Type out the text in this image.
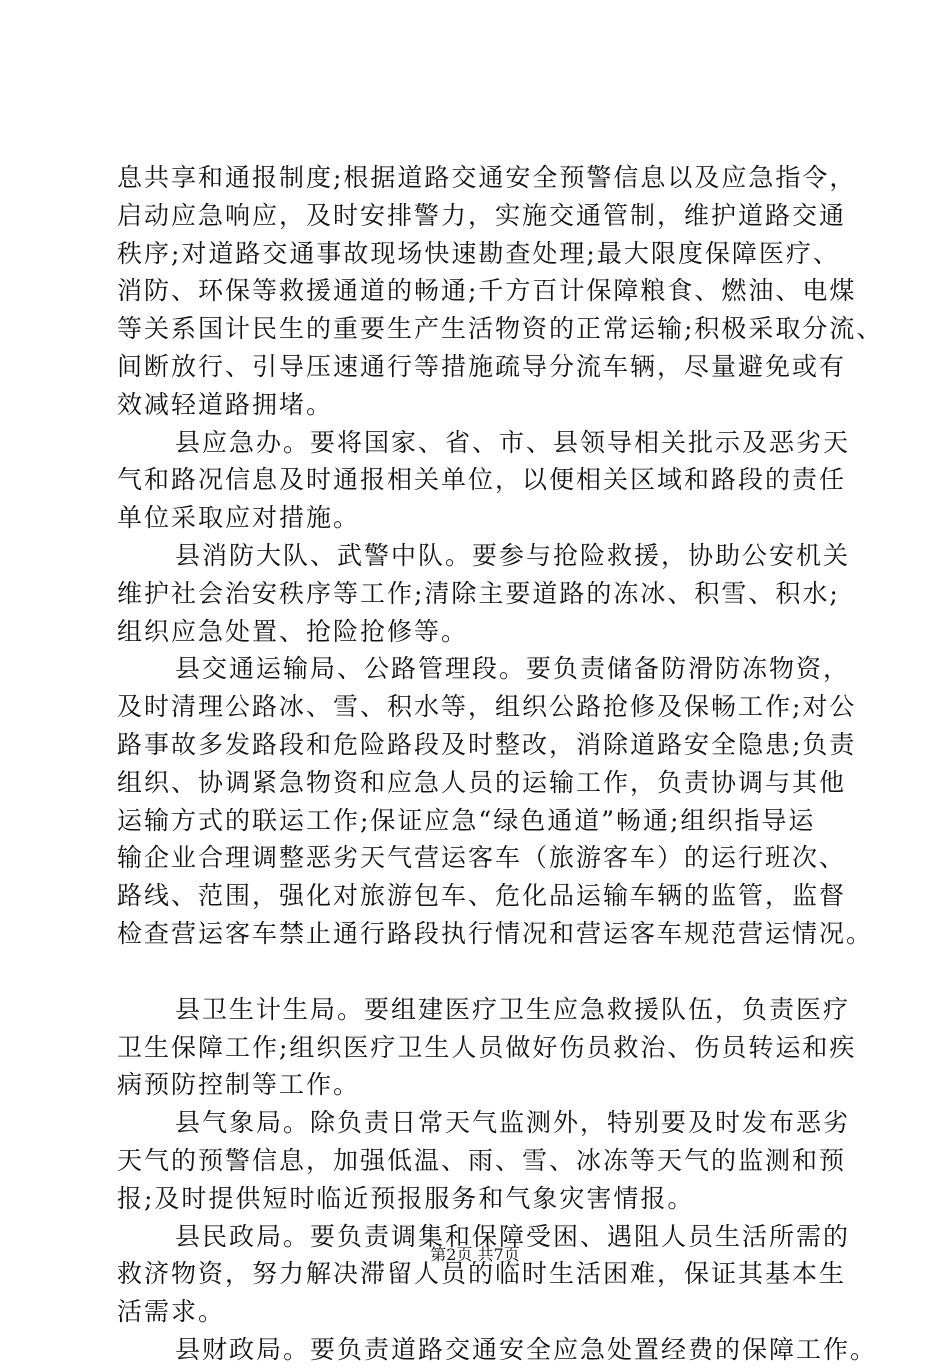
息共享和通报制度;根据道路交通安全预警信息以及应急指令，
启动应急响应，及时安排警力，实施交通管制，维护道路交通
秩序;对道路交通事故现场快速勘查处理;最大限度保障医疗、
消防、环保等救援通道的畅通;千方百计保障粮食、燃油、电煤
等关系国计民生的重要生产生活物资的正常运输;积极采取分流、
间断放行、引导压速通行等措施疏导分流车辆，尽量避免或有
效减轻道路拥堵。
县应急办。要将国家、省、市、县领导相关批示及恶劣天
气和路况信息及时通报相关单位，以便相关区域和路段的责任
单位采取应对措施。
县消防大队、武警中队。要参与抢险救援，协助公安机关
维护社会治安秩序等工作;清除主要道路的冻冰、积雪、积水;
组织应急处置、抢险抢修等。
县交通运输局、公路管理段。要负责储备防滑防冻物资，
及时清理公路冰、雪、积水等，组织公路抢修及保畅工作;对公
路事故多发路段和危险路段及时整改，消除道路安全隐患;负责
组织、协调紧急物资和应急人员的运输工作，负责协调与其他
运输方式的联运工作;保证应急“绿色通道”畅通;组织指导运
输企业合理调整恶劣天气营运客车（旅游客车）的运行班次、
路线、范围，强化对旅游包车、危化品运输车辆的监管，监督
检查营运客车禁止通行路段执行情况和营运客车规范营运情况。
县卫生计生局。要组建医疗卫生应急救援队伍，负责医疗
卫生保障工作;组织医疗卫生人员做好伤员救治、伤员转运和疾
病预防控制等工作。
县气象局。除负责日常天气监测外，特别要及时发布恶劣
天气的预警信息，加强低温、雨、雪、冰冻等天气的监测和预
报;及时提供短时临近预报服务和气象灾害情报。
县民政局。要负责调集和保障受困、遇阻人员生活所需的
救济物资，努力解决滞留人员的临时生活困难，保证其基本生
活需求。
县财政局。要负责道路交通安全应急处置经费的保障工作。
第2页 共7页
